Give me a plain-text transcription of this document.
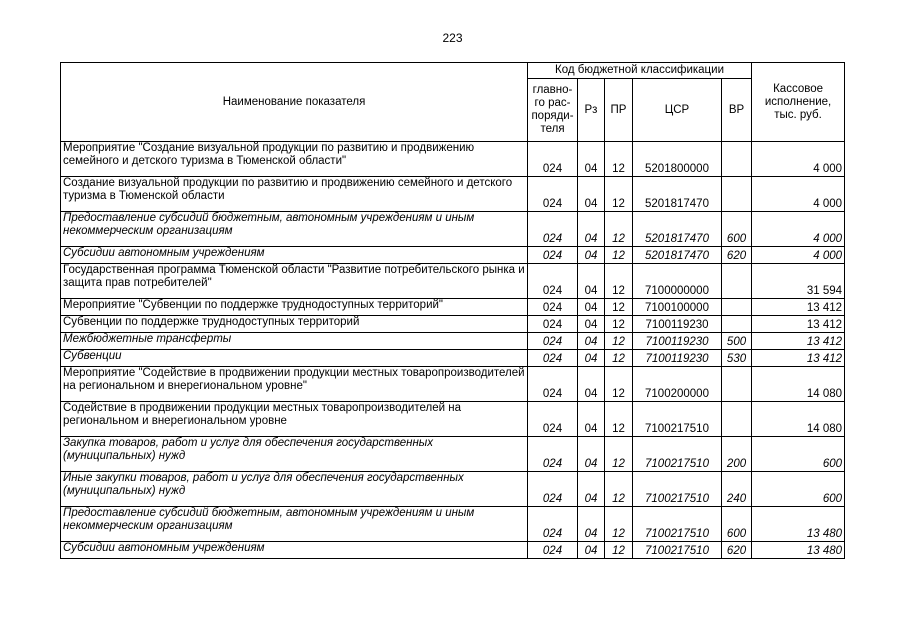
223
Наименование показателя	Код бюджетной классификации					Кассовое исполнение, тыс. руб.
	главно-го рас-поряди-теля	Рз	ПР	ЦСР	ВР	
Мероприятие "Создание визуальной продукции по развитию и продвижению семейного и детского туризма в Тюменской области"	024	04	12	5201800000		4 000
Создание визуальной продукции по развитию и продвижению семейного и детского туризма в Тюменской области	024	04	12	5201817470		4 000
Предоставление субсидий бюджетным, автономным учреждениям и иным некоммерческим организациям	024	04	12	5201817470	600	4 000
Субсидии автономным учреждениям	024	04	12	5201817470	620	4 000
Государственная программа Тюменской области "Развитие потребительского рынка и защита прав потребителей"	024	04	12	7100000000		31 594
Мероприятие "Субвенции по поддержке труднодоступных территорий"	024	04	12	7100100000		13 412
Субвенции по поддержке труднодоступных территорий	024	04	12	7100119230		13 412
Межбюджетные трансферты	024	04	12	7100119230	500	13 412
Субвенции	024	04	12	7100119230	530	13 412
Мероприятие "Содействие в продвижении продукции местных товаропроизводителей на региональном и внерегиональном уровне"	024	04	12	7100200000		14 080
Содействие в продвижении продукции местных товаропроизводителей на региональном и внерегиональном уровне	024	04	12	7100217510		14 080
Закупка товаров, работ и услуг для обеспечения государственных (муниципальных) нужд	024	04	12	7100217510	200	600
Иные закупки товаров, работ и услуг для обеспечения государственных (муниципальных) нужд	024	04	12	7100217510	240	600
Предоставление субсидий бюджетным, автономным учреждениям и иным некоммерческим организациям	024	04	12	7100217510	600	13 480
Субсидии автономным учреждениям	024	04	12	7100217510	620	13 480
